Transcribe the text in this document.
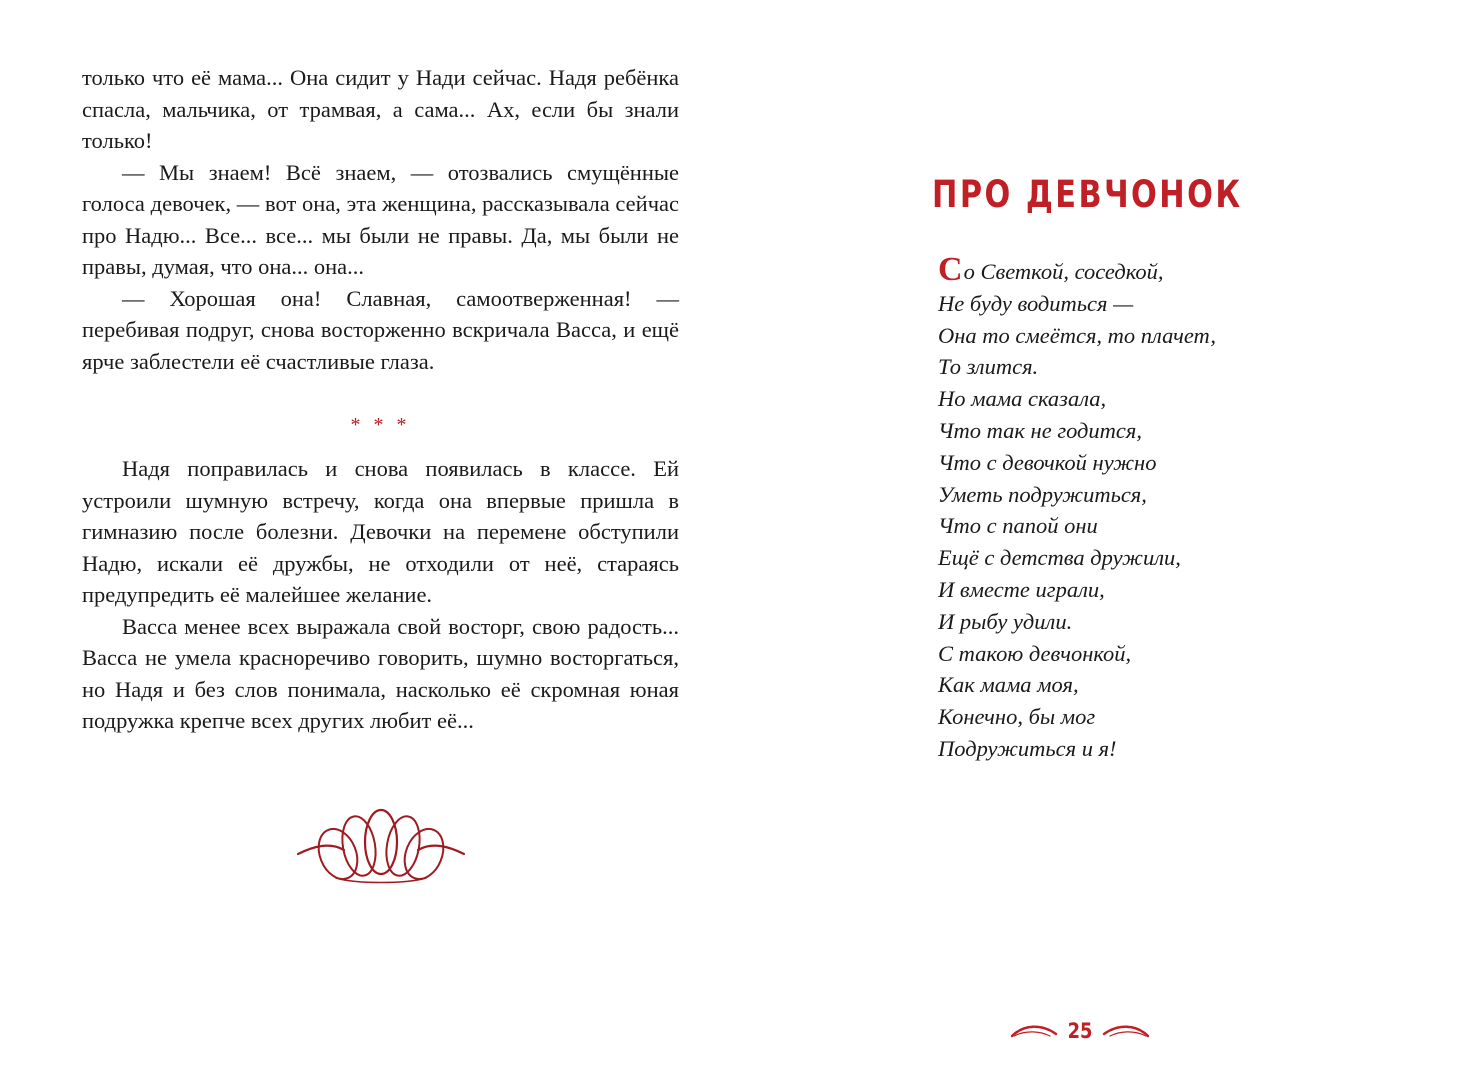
только что её мама... Она сидит у Нади сейчас. Надя ребёнка спасла, мальчика, от трамвая, а сама... Ах, если бы знали только!

— Мы знаем! Всё знаем, — отозвались смущённые голоса девочек, — вот она, эта женщина, рассказывала сейчас про Надю... Все... все... мы были не правы. Да, мы были не правы, думая, что она... она...

— Хорошая она! Славная, самоотверженная! — перебивая подруг, снова восторженно вскричала Васса, и ещё ярче заблестели её счастливые глаза.

* * *

Надя поправилась и снова появилась в классе. Ей устроили шумную встречу, когда она впервые пришла в гимназию после болезни. Девочки на перемене обступили Надю, искали её дружбы, не отходили от неё, стараясь предупредить её малейшее желание.

Васса менее всех выражала свой восторг, свою радость... Васса не умела красноречиво говорить, шумно восторгаться, но Надя и без слов понимала, насколько её скромная юная подружка крепче всех других любит её...

ПРО ДЕВЧОНОК
Со Светкой, соседкой,
Не буду водиться —
Она то смеётся, то плачет,
То злится.
Но мама сказала,
Что так не годится,
Что с девочкой нужно
Уметь подружиться,
Что с папой они
Ещё с детства дружили,
И вместе играли,
И рыбу удили.
С такою девчонкой,
Как мама моя,
Конечно, бы мог
Подружиться и я!
25
